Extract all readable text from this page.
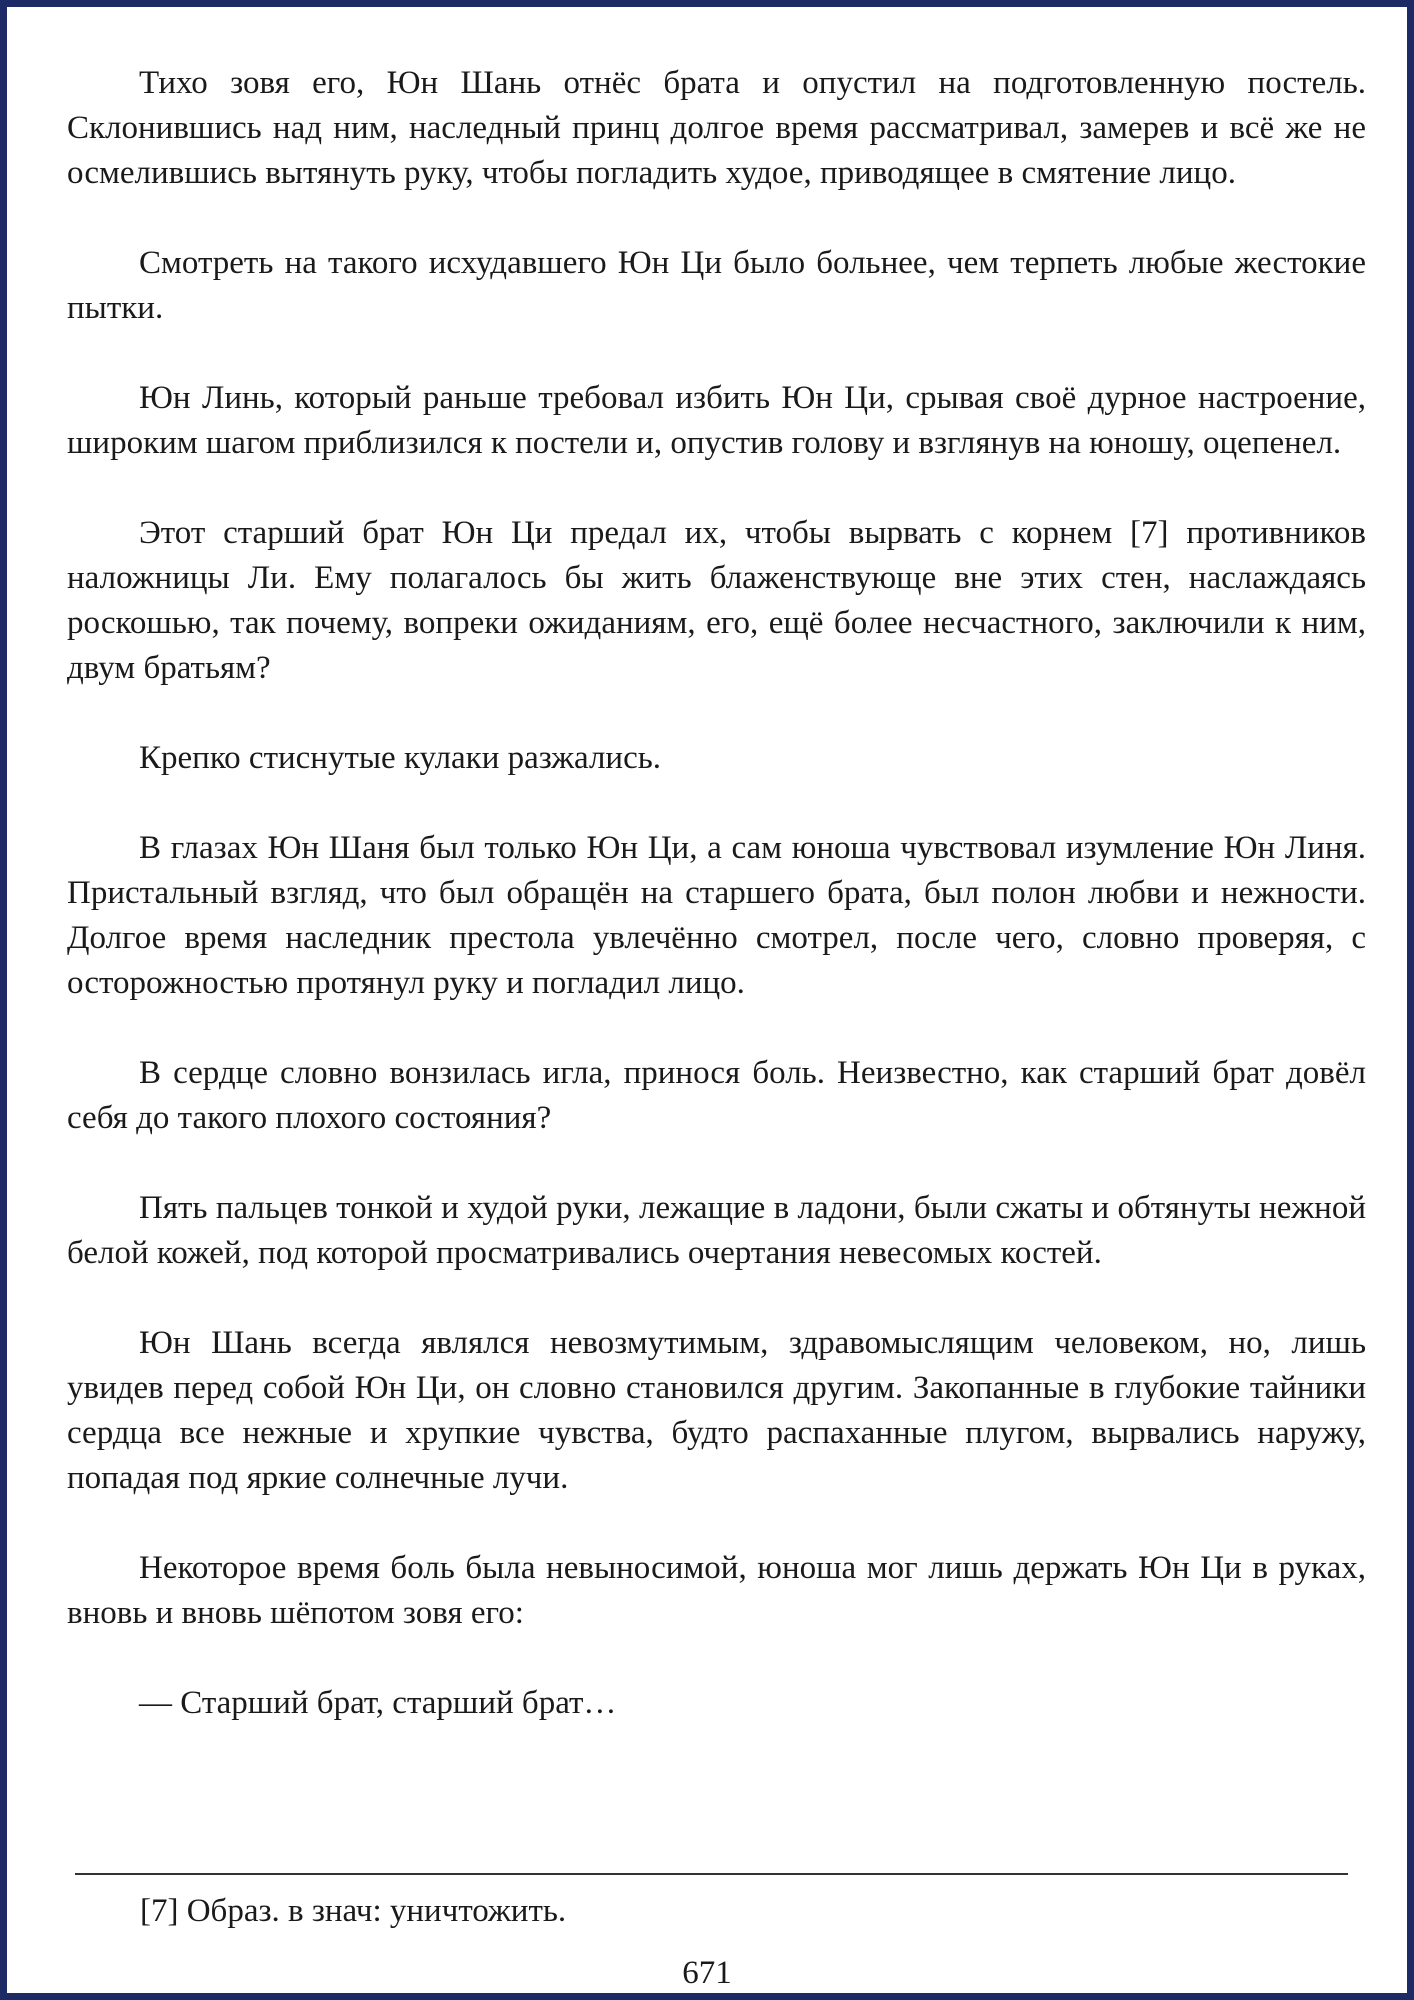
Тихо зовя его, Юн Шань отнёс брата и опустил на подготовленную постель. Склонившись над ним, наследный принц долгое время рассматривал, замерев и всё же не осмелившись вытянуть руку, чтобы погладить худое, приводящее в смятение лицо.

Смотреть на такого исхудавшего Юн Ци было больнее, чем терпеть любые жестокие пытки.

Юн Линь, который раньше требовал избить Юн Ци, срывая своё дурное настроение, широким шагом приблизился к постели и, опустив голову и взглянув на юношу, оцепенел.

Этот старший брат Юн Ци предал их, чтобы вырвать с корнем [7] противников наложницы Ли. Ему полагалось бы жить блаженствующе вне этих стен, наслаждаясь роскошью, так почему, вопреки ожиданиям, его, ещё более несчастного, заключили к ним, двум братьям?

Крепко стиснутые кулаки разжались.

В глазах Юн Шаня был только Юн Ци, а сам юноша чувствовал изумление Юн Линя. Пристальный взгляд, что был обращён на старшего брата, был полон любви и нежности. Долгое время наследник престола увлечённо смотрел, после чего, словно проверяя, с осторожностью протянул руку и погладил лицо.

В сердце словно вонзилась игла, принося боль. Неизвестно, как старший брат довёл себя до такого плохого состояния?

Пять пальцев тонкой и худой руки, лежащие в ладони, были сжаты и обтянуты нежной белой кожей, под которой просматривались очертания невесомых костей.

Юн Шань всегда являлся невозмутимым, здравомыслящим человеком, но, лишь увидев перед собой Юн Ци, он словно становился другим. Закопанные в глубокие тайники сердца все нежные и хрупкие чувства, будто распаханные плугом, вырвались наружу, попадая под яркие солнечные лучи.

Некоторое время боль была невыносимой, юноша мог лишь держать Юн Ци в руках, вновь и вновь шёпотом зовя его:

— Старший брат, старший брат…

[7] Образ. в знач: уничтожить.

671
